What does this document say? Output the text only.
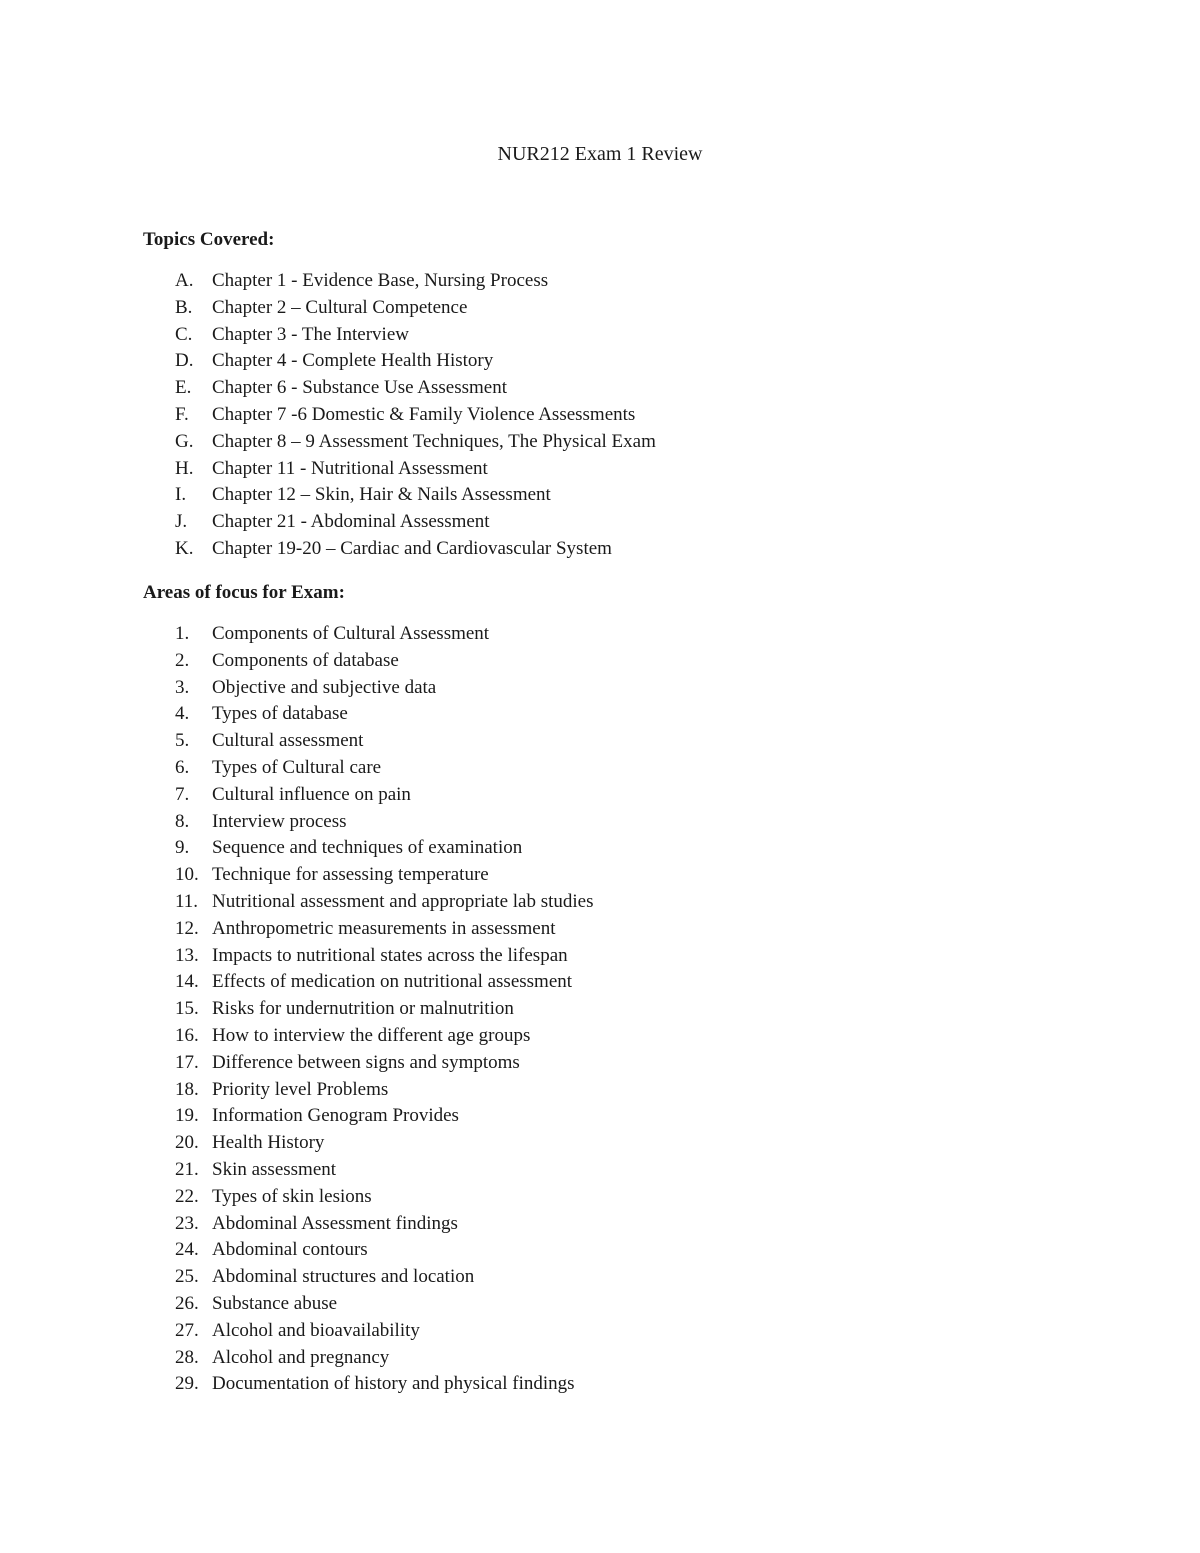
NUR212 Exam 1 Review
Topics Covered:
A. Chapter 1 - Evidence Base, Nursing Process
B. Chapter 2 – Cultural Competence
C. Chapter 3 - The Interview
D. Chapter 4 - Complete Health History
E. Chapter 6 - Substance Use Assessment
F. Chapter 7 -6 Domestic & Family Violence Assessments
G. Chapter 8 – 9 Assessment Techniques, The Physical Exam
H. Chapter 11 - Nutritional Assessment
I. Chapter 12 – Skin, Hair & Nails Assessment
J. Chapter 21 - Abdominal Assessment
K. Chapter 19-20 – Cardiac and Cardiovascular System
Areas of focus for Exam:
1. Components of Cultural Assessment
2. Components of database
3. Objective and subjective data
4. Types of database
5. Cultural assessment
6. Types of Cultural care
7. Cultural influence on pain
8. Interview process
9. Sequence and techniques of examination
10. Technique for assessing temperature
11. Nutritional assessment and appropriate lab studies
12. Anthropometric measurements in assessment
13. Impacts to nutritional states across the lifespan
14. Effects of medication on nutritional assessment
15. Risks for undernutrition or malnutrition
16. How to interview the different age groups
17. Difference between signs and symptoms
18. Priority level Problems
19. Information Genogram Provides
20. Health History
21. Skin assessment
22. Types of skin lesions
23. Abdominal Assessment findings
24. Abdominal contours
25. Abdominal structures and location
26. Substance abuse
27. Alcohol and bioavailability
28. Alcohol and pregnancy
29. Documentation of history and physical findings
